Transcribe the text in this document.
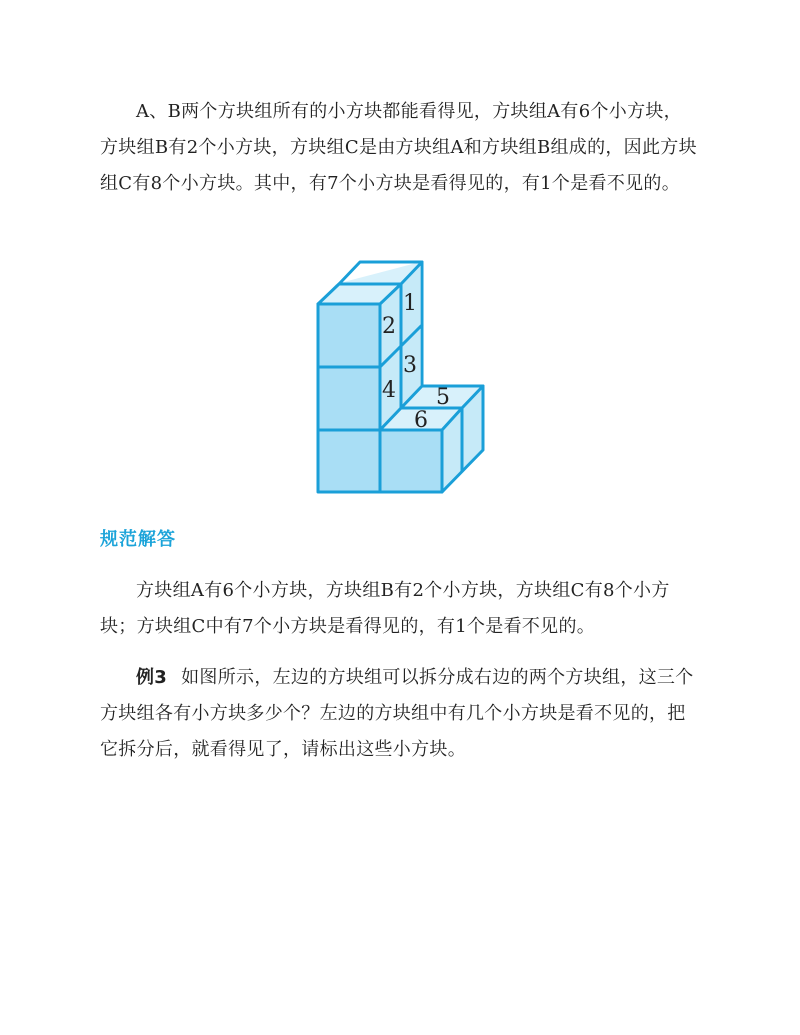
A、B两个方块组所有的小方块都能看得见，方块组A有6个小方块，方块组B有2个小方块，方块组C是由方块组A和方块组B组成的，因此方块组C有8个小方块。其中，有7个小方块是看得见的，有1个是看不见的。

1
2
3
4 5
6
规范解答

方块组A有6个小方块，方块组B有2个小方块，方块组C有8个小方块；方块组C中有7个小方块是看得见的，有1个是看不见的。

例3 如图所示，左边的方块组可以拆分成右边的两个方块组，这三个方块组各有小方块多少个？左边的方块组中有几个小方块是看不见的，把它拆分后，就看得见了，请标出这些小方块。
